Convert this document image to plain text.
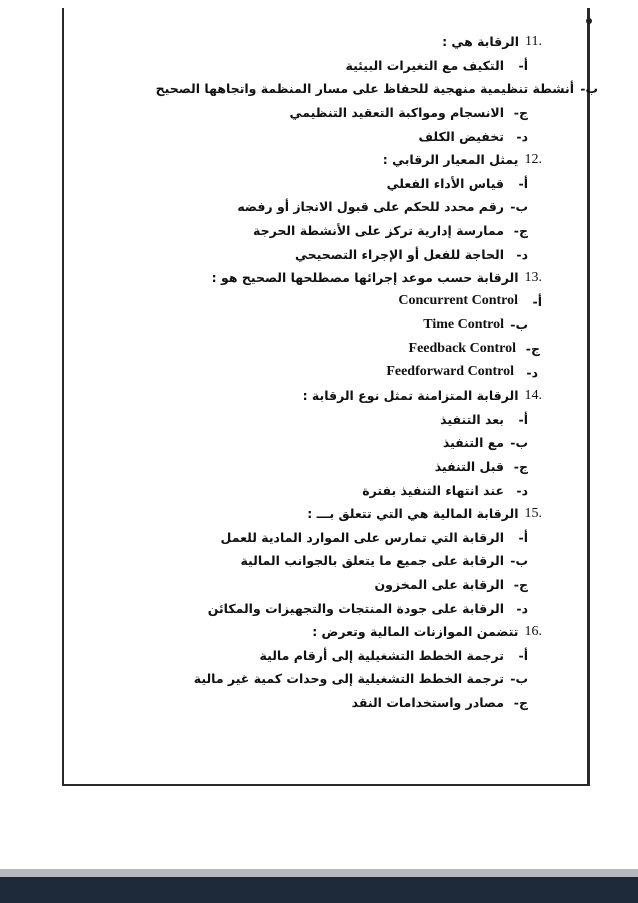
11.
الرقابة هي :
أ-
التكيف مع التغيرات البيئية
ب-
أنشطة تنظيمية منهجية للحفاظ على مسار المنظمة واتجاهها الصحيح
ج-
الانسجام ومواكبة التعقيد التنظيمي
د-
تخفيض الكلف
12.
يمثل المعيار الرقابي :
أ-
قياس الأداء الفعلي
ب-
رقم محدد للحكم على قبول الانجاز أو رفضه
ج-
ممارسة إدارية تركز على الأنشطة الحرجة
د-
الحاجة للفعل أو الإجراء التصحيحي
13.
الرقابة حسب موعد إجرائها مصطلحها الصحيح هو :
أ-
Concurrent Control
ب-
Time Control
ج-
Feedback Control
د-
Feedforward Control
14.
الرقابة المتزامنة تمثل نوع الرقابة :
أ-
بعد التنفيذ
ب-
مع التنفيذ
ج-
قبل التنفيذ
د-
عند انتهاء التنفيذ بفترة
15.
الرقابة المالية هي التي تتعلق بـــ :
أ-
الرقابة التي تمارس على الموارد المادية للعمل
ب-
الرقابة على جميع ما يتعلق بالجوانب المالية
ج-
الرقابة على المخزون
د-
الرقابة على جودة المنتجات والتجهيزات والمكائن
16.
تتضمن الموازنات المالية وتعرض :
أ-
ترجمة الخطط التشغيلية إلى أرقام مالية
ب-
ترجمة الخطط التشغيلية إلى وحدات كمية غير مالية
ج-
مصادر واستخدامات النقد
